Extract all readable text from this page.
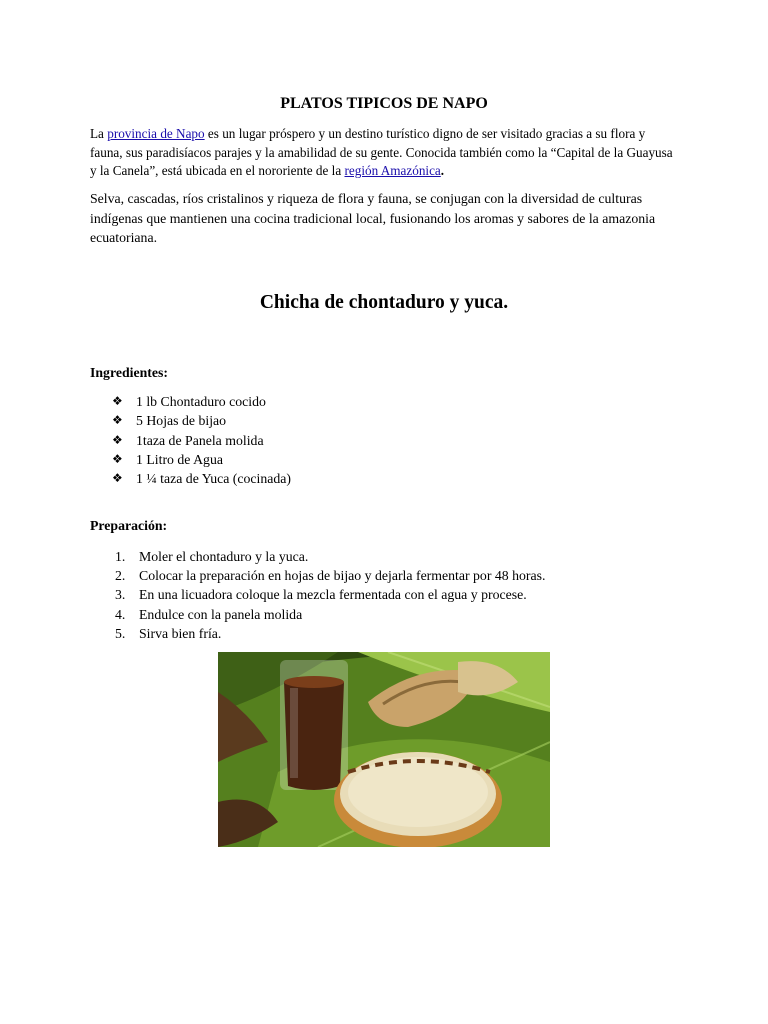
PLATOS TIPICOS DE NAPO

La provincia de Napo es un lugar próspero y un destino turístico digno de ser visitado gracias a su flora y fauna, sus paradisíacos parajes y la amabilidad de su gente. Conocida también como la “Capital de la Guayusa y la Canela”, está ubicada en el nororiente de la región Amazónica.

Selva, cascadas, ríos cristalinos y riqueza de flora y fauna, se conjugan con la diversidad de culturas indígenas que mantienen una cocina tradicional local, fusionando los aromas y sabores de la amazonia ecuatoriana.

Chicha de chontaduro y yuca.

Ingredientes:

❖ 1 lb Chontaduro cocido
❖ 5 Hojas de bijao
❖ 1taza de Panela molida
❖ 1 Litro de Agua
❖ 1 ¼ taza de Yuca (cocinada)

Preparación:

1. Moler el chontaduro y la yuca.
2. Colocar la preparación en hojas de bijao y dejarla fermentar por 48 horas.
3. En una licuadora coloque la mezcla fermentada con el agua y procese.
4. Endulce con la panela molida
5. Sirva bien fría.
